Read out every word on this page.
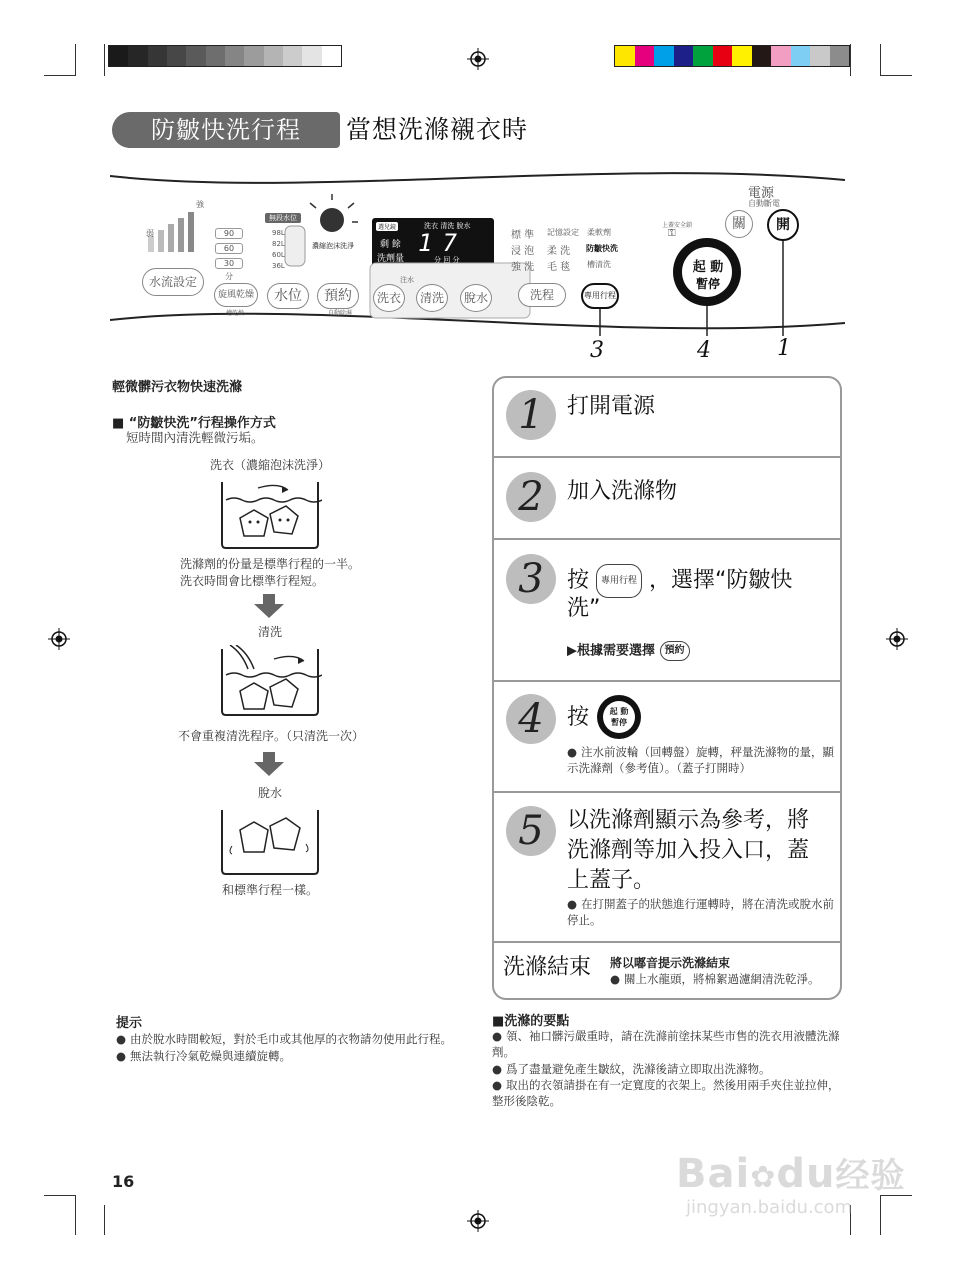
防皺快洗行程	當想洗滌襯衣時
電源
自動斷電
關	開
上蓋安全鎖
⚿
起 動
暫停
強
弱
水流設定
90
60
30
分
旋風乾燥
槽乾燥
無段水位
98L
82L
60L
36L
濃縮泡沫洗淨
水位	預約
自動除濕
選兒鏡	洗衣 清洗 脫水
剩 餘
洗劑量
17
分 回 分
注水
洗衣	清洗	脫水
標 準
浸 泡
強 洗
記憶設定
柔 洗
毛 毯
柔軟劑
防皺快洗
槽清洗
洗程	專用行程
3	4	1
輕微髒污衣物快速洗滌
■ “防皺快洗”行程操作方式
短時間內清洗輕微污垢。
洗衣（濃縮泡沫洗淨）
洗滌劑的份量是標準行程的一半。洗衣時間會比標準行程短。
清洗
不會重複清洗程序。（只清洗一次）
脫水
和標準行程一樣。
1	打開電源
2	加入洗滌物
3	按 專用行程 ，選擇“防皺快
洗”
▶根據需要選擇 預約
4	按	起 動
暫停
● 注水前波輪（回轉盤）旋轉，秤量洗滌物的量，顯示洗滌劑（參考值）。（蓋子打開時）
5	以洗滌劑顯示為參考，將
洗滌劑等加入投入口，蓋
上蓋子。
● 在打開蓋子的狀態進行運轉時，將在清洗或脫水前停止。
洗滌結束 將以嘟音提示洗滌結束
● 關上水龍頭，將棉絮過濾網清洗乾淨。
提示
● 由於脫水時間較短，對於毛巾或其他厚的衣物請勿使用此行程。
● 無法執行冷氣乾燥與連續旋轉。
■洗滌的要點
● 領、袖口髒污嚴重時，請在洗滌前塗抹某些市售的洗衣用液體洗滌劑。
● 爲了盡量避免產生皺紋，洗滌後請立即取出洗滌物。
● 取出的衣領請掛在有一定寬度的衣架上。然後用兩手夾住並拉伸，整形後陰乾。
16	Bai✿du经验
jingyan.baidu.com
